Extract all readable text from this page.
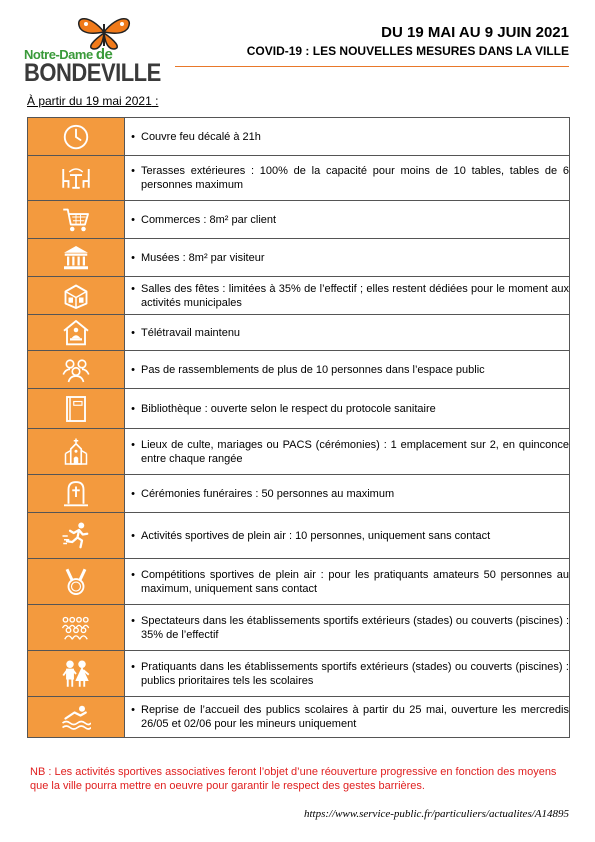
Notre-Dame de
BONDEVILLE
DU 19 MAI AU 9 JUIN 2021
COVID-19 : LES NOUVELLES MESURES DANS LA VILLE
À partir du 19 mai 2021 :

• Couvre feu décalé à 21h

• Terasses extérieures : 100% de la capacité pour moins de 10 tables, tables de 6 personnes maximum

• Commerces : 8m² par client

• Musées : 8m² par visiteur

• Salles des fêtes : limitées à 35% de l’effectif ; elles restent dédiées pour le moment aux activités municipales

• Télétravail maintenu

• Pas de rassemblements de plus de 10 personnes dans l’espace public

• Bibliothèque : ouverte selon le respect du protocole sanitaire

• Lieux de culte, mariages ou PACS (cérémonies) : 1 emplacement sur 2, en quinconce entre chaque rangée

• Cérémonies funéraires : 50 personnes au maximum

• Activités sportives de plein air : 10 personnes, uniquement sans contact

• Compétitions sportives de plein air : pour les pratiquants amateurs 50 personnes au maximum, uniquement sans contact

• Spectateurs dans les établissements sportifs extérieurs (stades) ou couverts (piscines) : 35% de l’effectif

• Pratiquants dans les établissements sportifs extérieurs (stades) ou couverts (piscines) : publics prioritaires tels les scolaires

• Reprise de l’accueil des publics scolaires à partir du 25 mai, ouverture les mercredis 26/05 et 02/06 pour les mineurs uniquement
NB : Les activités sportives associatives feront l’objet d’une réouverture progressive en fonction des moyens que la ville pourra mettre en oeuvre pour garantir le respect des gestes barrières.
https://www.service-public.fr/particuliers/actualites/A14895
